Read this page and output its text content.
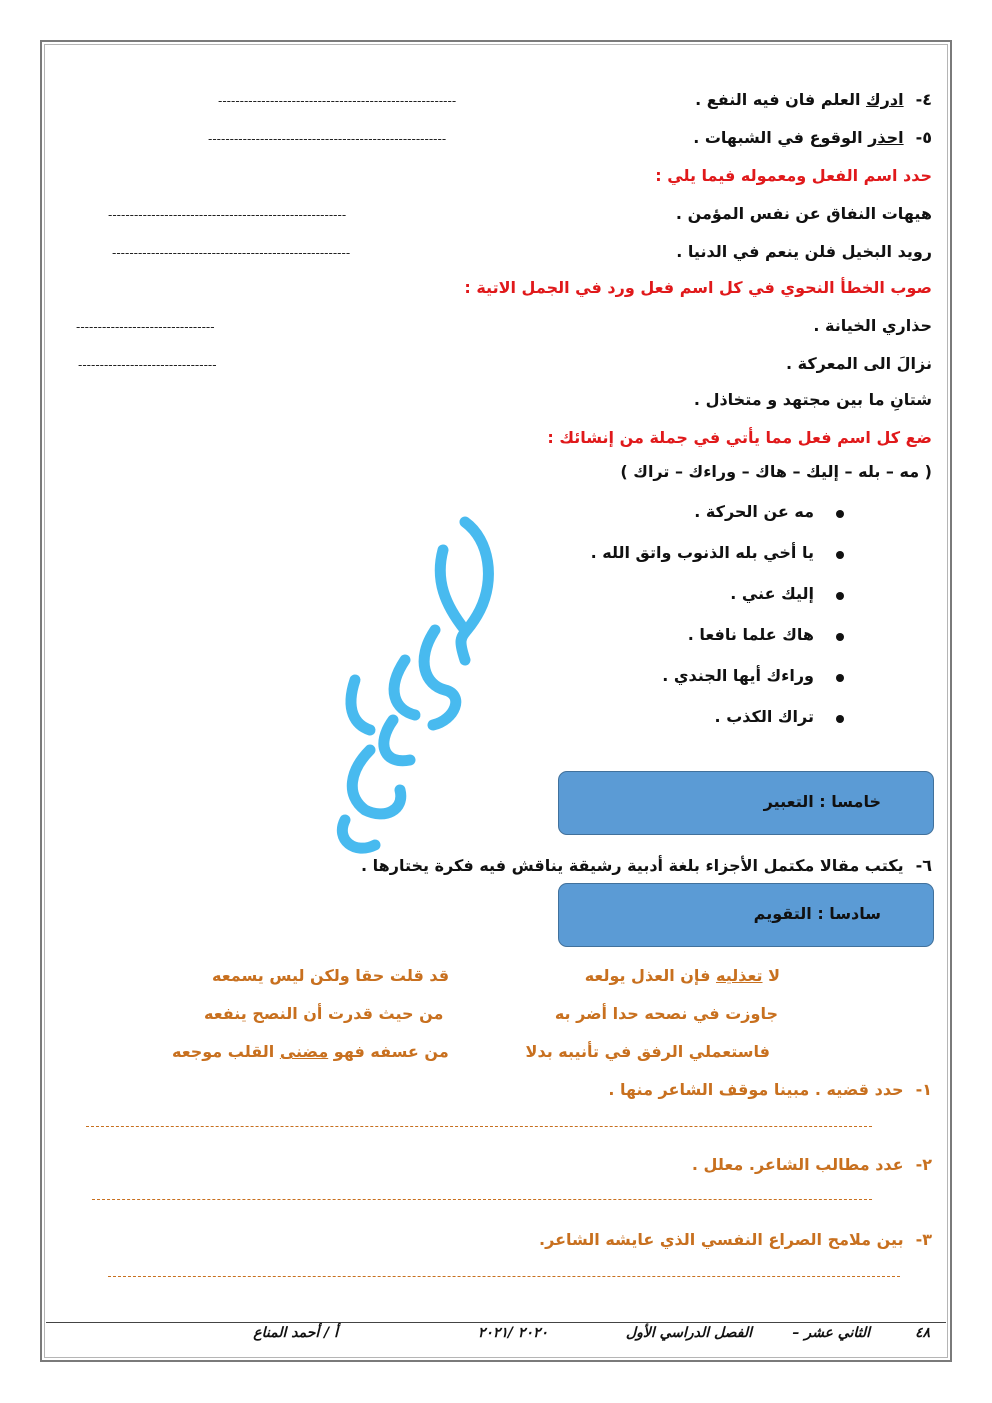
٤-ادرك العلم فان فيه النفع .
-------------------------------------------------------
٥-احذر الوقوع في الشبهات .
-------------------------------------------------------
حدد اسم الفعل ومعموله فيما يلي :
هيهات النفاق عن نفس المؤمن .
-------------------------------------------------------
رويد البخيل فلن ينعم في الدنيا .
-------------------------------------------------------
صوب الخطأ النحوي في كل اسم فعل ورد في الجمل الاتية :
حذاري الخيانة .
--------------------------------
نزالَ الى المعركة .
--------------------------------
شتانِ ما بين مجتهد و متخاذل .
ضع كل اسم فعل مما يأتي في جملة من إنشائك :
( مه – بله – إليك – هاك – وراءك – تراك )
مه عن الحركة .
يا أخي بله الذنوب واتق الله .
إليك عني .
هاك علما نافعا .
وراءك أيها الجندي .
تراك الكذب .
خامسا : التعبير
٦-يكتب مقالا مكتمل الأجزاء بلغة أدبية رشيقة يناقش فيه فكرة يختارها .
سادسا : التقويم
لا تعذليه فإن العذل يولعه
قد قلت حقا ولكن ليس يسمعه
جاوزت في نصحه حدا أضر به
من حيث قدرت أن النصح ينفعه
فاستعملي الرفق في تأنيبه بدلا
من عسفه فهو مضنى القلب موجعه
١-حدد قضيه . مبينا موقف الشاعر منها .
٢-عدد مطالب الشاعر. معلل .
٣-بين ملامح الصراع النفسي الذي عايشه الشاعر.
٤٨
الثاني عشر –
الفصل الدراسي الأول
٢٠٢٠ /٢٠٢١
أ / أحمد المناع
